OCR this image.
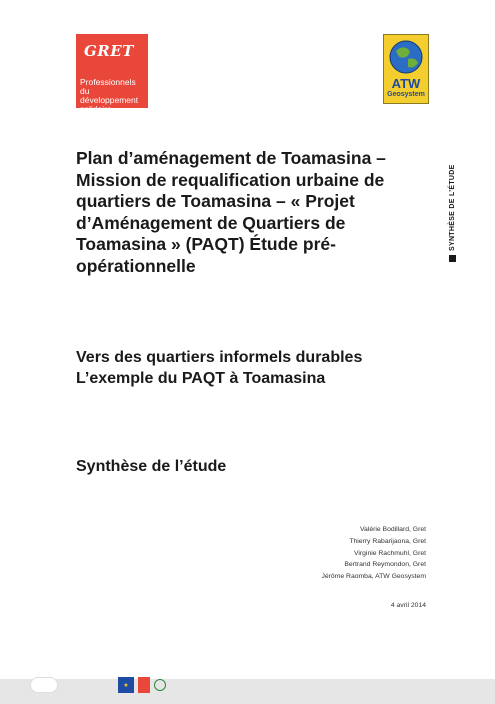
GRET
Professionnels du développement solidaire
ATW
Geosystem
SYNTHÈSE DE L’ÉTUDE
Plan d’aménagement de Toamasina – Mission de requalification urbaine de quartiers de Toamasina – « Projet d’Aménagement de Quartiers de Toamasina » (PAQT) Étude pré-opérationnelle
Vers des quartiers informels durables
L’exemple du PAQT à Toamasina
Synthèse de l’étude
Valérie Bodillard, Gret
Thierry Rabarijaona, Gret
Virginie Rachmuhl, Gret
Bertrand Reymondon, Gret
Jérôme Raomba, ATW Geosystem
4 avril 2014
★
